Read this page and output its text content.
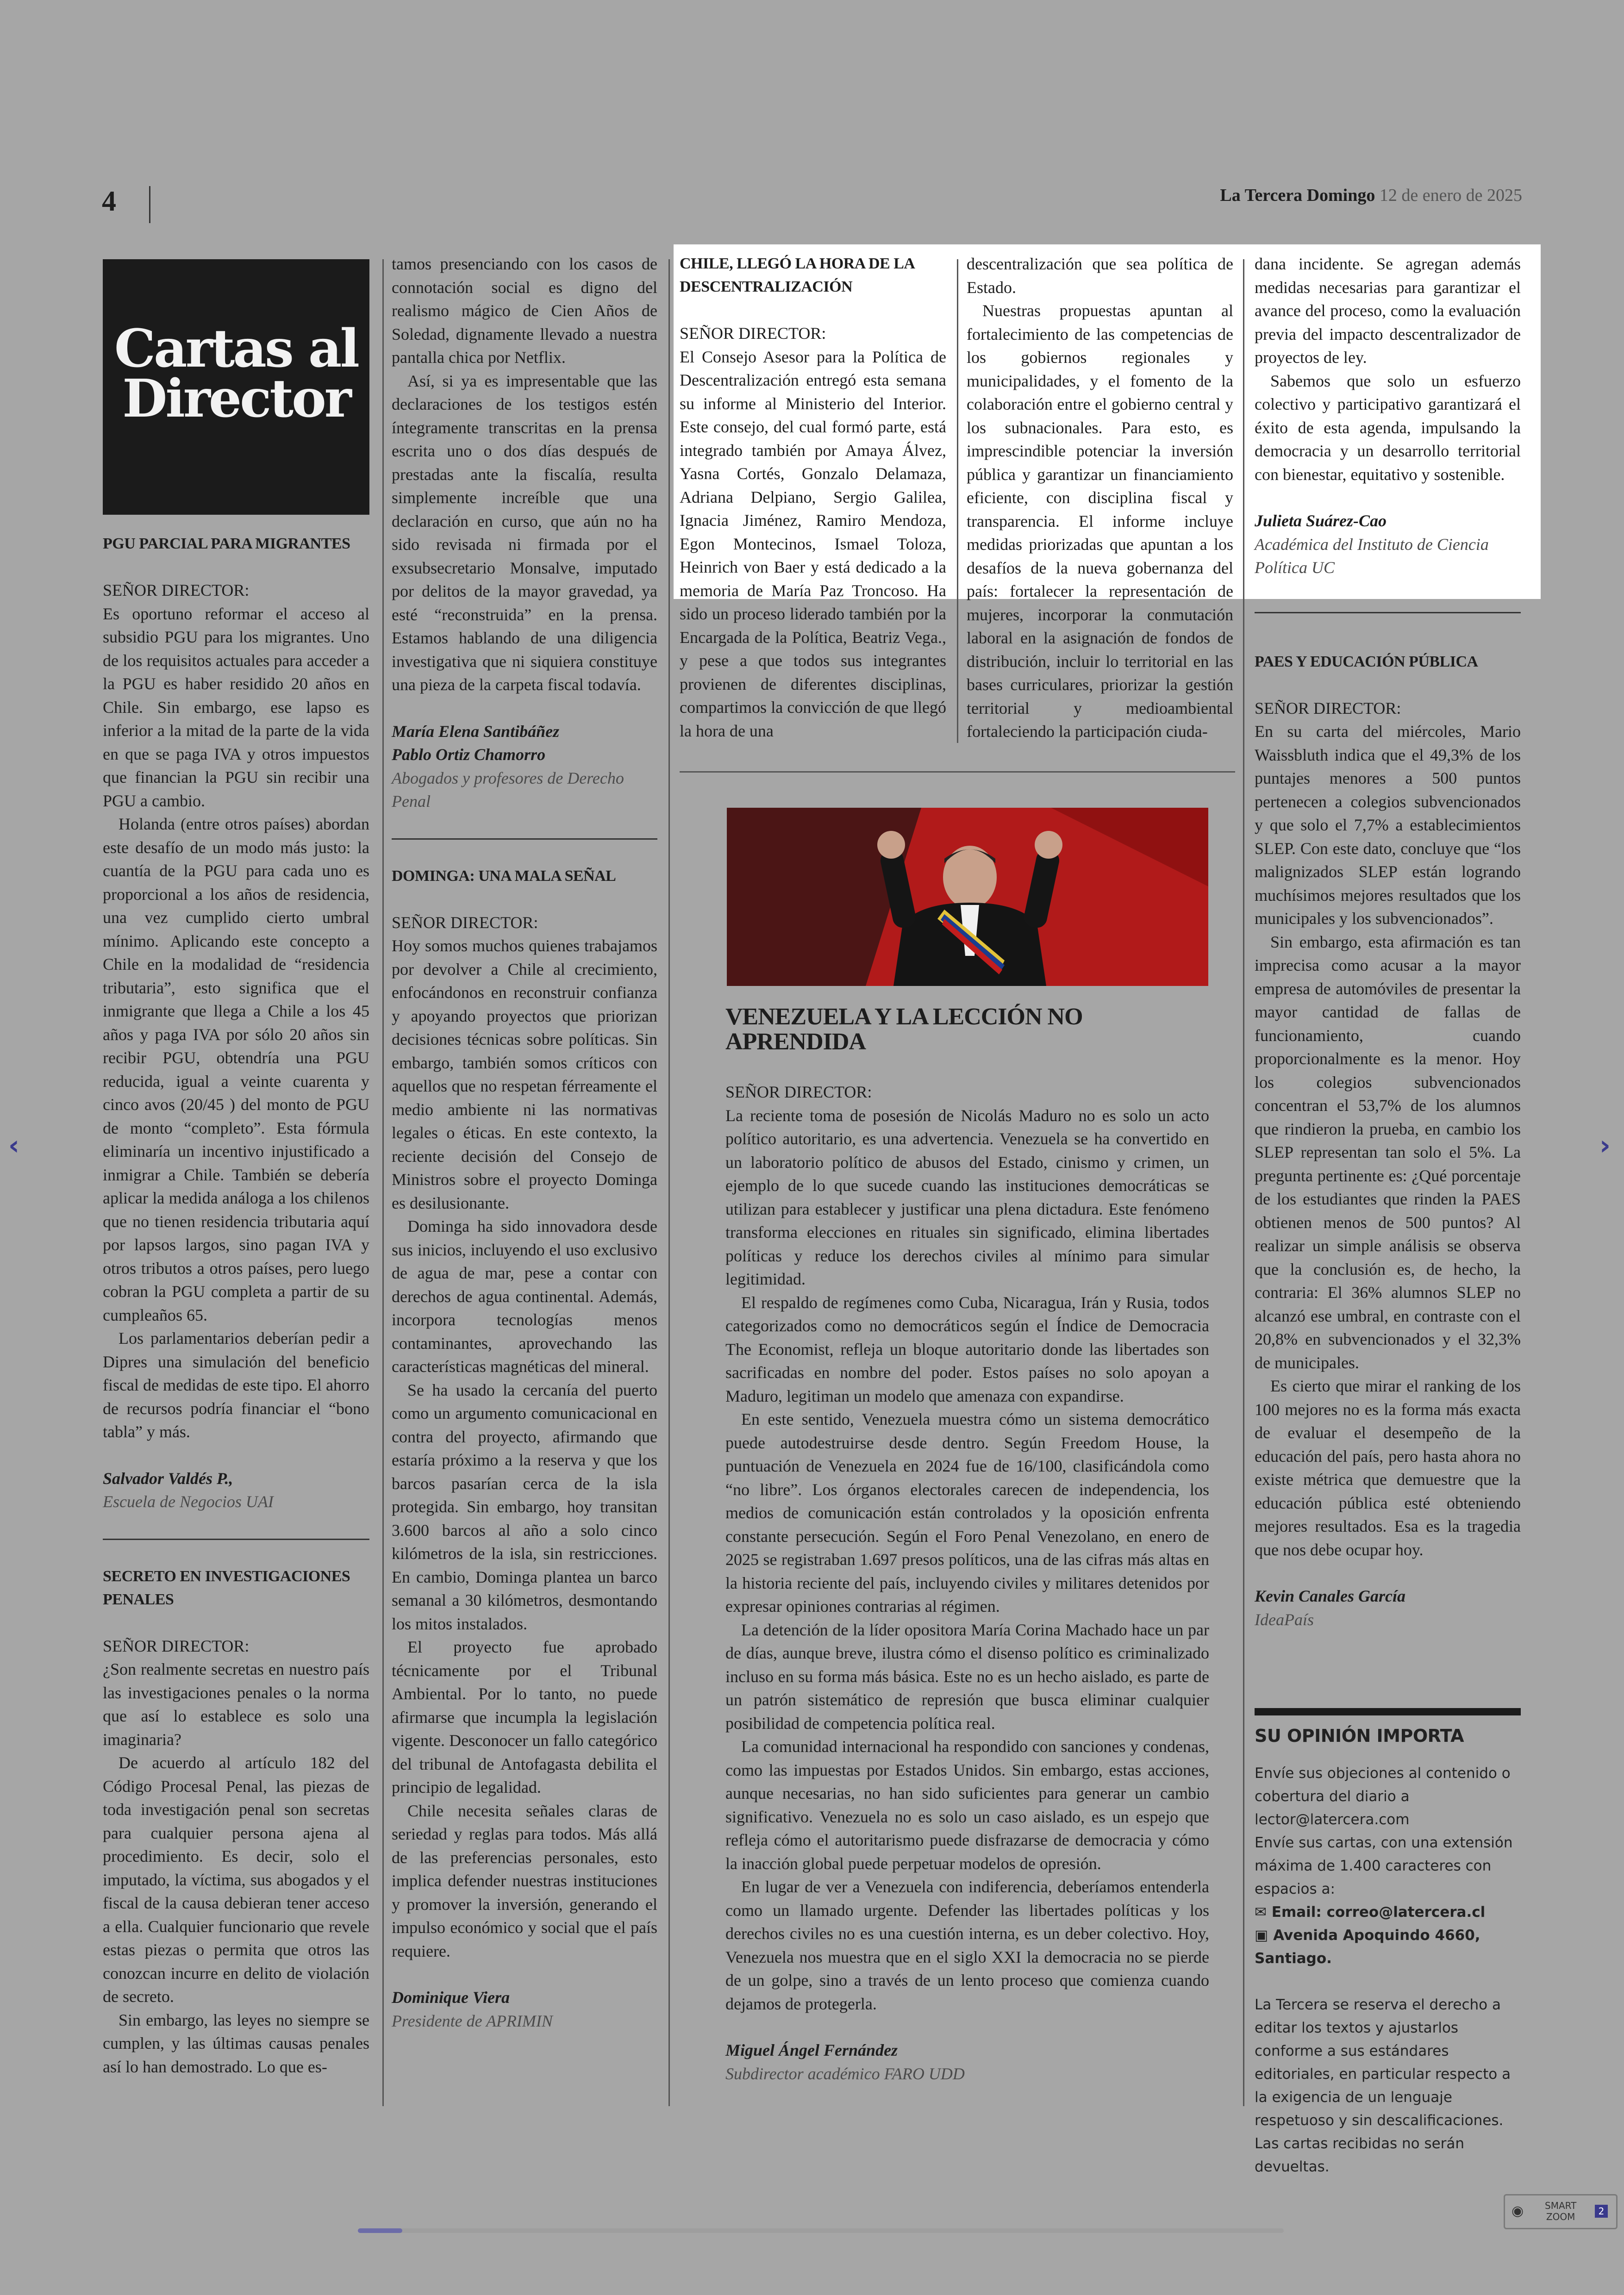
4	La Tercera Domingo 12 de enero de 2025
Cartas al
Director
PGU PARCIAL PARA MIGRANTES

SEÑOR DIRECTOR:

Es oportuno reformar el acceso al subsidio PGU para los migrantes. Uno de los requisitos actuales para acceder a la PGU es haber residido 20 años en Chile. Sin embargo, ese lapso es inferior a la mitad de la parte de la vida en que se paga IVA y otros impuestos que financian la PGU sin recibir una PGU a cambio.

Holanda (entre otros países) abordan este desafío de un modo más justo: la cuantía de la PGU para cada uno es proporcional a los años de residencia, una vez cumplido cierto umbral mínimo. Aplicando este concepto a Chile en la modalidad de “residencia tributaria”, esto significa que el inmigrante que llega a Chile a los 45 años y paga IVA por sólo 20 años sin recibir PGU, obtendría una PGU reducida, igual a veinte cuarenta y cinco avos (20/45 ) del monto de PGU de monto “completo”. Esta fórmula eliminaría un incentivo injustificado a inmigrar a Chile. También se debería aplicar la medida análoga a los chilenos que no tienen residencia tributaria aquí por lapsos largos, sino pagan IVA y otros tributos a otros países, pero luego cobran la PGU completa a partir de su cumpleaños 65.

Los parlamentarios deberían pedir a Dipres una simulación del beneficio fiscal de medidas de este tipo. El ahorro de recursos podría financiar el “bono tabla” y más.

Salvador Valdés P.,

Escuela de Negocios UAI

SECRETO EN INVESTIGACIONES PENALES

SEÑOR DIRECTOR:

¿Son realmente secretas en nuestro país las investigaciones penales o la norma que así lo establece es solo una imaginaria?

De acuerdo al artículo 182 del Código Procesal Penal, las piezas de toda investigación penal son secretas para cualquier persona ajena al procedimiento. Es decir, solo el imputado, la víctima, sus abogados y el fiscal de la causa debieran tener acceso a ella. Cualquier funcionario que revele estas piezas o permita que otros las conozcan incurre en delito de violación de secreto.

Sin embargo, las leyes no siempre se cumplen, y las últimas causas penales así lo han demostrado. Lo que es-

tamos presenciando con los casos de connotación social es digno del realismo mágico de Cien Años de Soledad, dignamente llevado a nuestra pantalla chica por Netflix.

Así, si ya es impresentable que las declaraciones de los testigos estén íntegramente transcritas en la prensa escrita uno o dos días después de prestadas ante la fiscalía, resulta simplemente increíble que una declaración en curso, que aún no ha sido revisada ni firmada por el exsubsecretario Monsalve, imputado por delitos de la mayor gravedad, ya esté “reconstruida” en la prensa. Estamos hablando de una diligencia investigativa que ni siquiera constituye una pieza de la carpeta fiscal todavía.

María Elena Santibáñez

Pablo Ortiz Chamorro

Abogados y profesores de Derecho Penal

DOMINGA: UNA MALA SEÑAL

SEÑOR DIRECTOR:

Hoy somos muchos quienes trabajamos por devolver a Chile al crecimiento, enfocándonos en reconstruir confianza y apoyando proyectos que priorizan decisiones técnicas sobre políticas. Sin embargo, también somos críticos con aquellos que no respetan férreamente el medio ambiente ni las normativas legales o éticas. En este contexto, la reciente decisión del Consejo de Ministros sobre el proyecto Dominga es desilusionante.

Dominga ha sido innovadora desde sus inicios, incluyendo el uso exclusivo de agua de mar, pese a contar con derechos de agua continental. Además, incorpora tecnologías menos contaminantes, aprovechando las características magnéticas del mineral.

Se ha usado la cercanía del puerto como un argumento comunicacional en contra del proyecto, afirmando que estaría próximo a la reserva y que los barcos pasarían cerca de la isla protegida. Sin embargo, hoy transitan 3.600 barcos al año a solo cinco kilómetros de la isla, sin restricciones. En cambio, Dominga plantea un barco semanal a 30 kilómetros, desmontando los mitos instalados.

El proyecto fue aprobado técnicamente por el Tribunal Ambiental. Por lo tanto, no puede afirmarse que incumpla la legislación vigente. Desconocer un fallo categórico del tribunal de Antofagasta debilita el principio de legalidad.

Chile necesita señales claras de seriedad y reglas para todos. Más allá de las preferencias personales, esto implica defender nuestras instituciones y promover la inversión, generando el impulso económico y social que el país requiere.

Dominique Viera

Presidente de APRIMIN

CHILE, LLEGÓ LA HORA DE LA DESCENTRALIZACIÓN

SEÑOR DIRECTOR:

El Consejo Asesor para la Política de Descentralización entregó esta semana su informe al Ministerio del Interior. Este consejo, del cual formó parte, está integrado también por Amaya Álvez, Yasna Cortés, Gonzalo Delamaza, Adriana Delpiano, Sergio Galilea, Ignacia Jiménez, Ramiro Mendoza, Egon Montecinos, Ismael Toloza, Heinrich von Baer y está dedicado a la memoria de María Paz Troncoso. Ha sido un proceso liderado también por la Encargada de la Política, Beatriz Vega., y pese a que todos sus integrantes provienen de diferentes disciplinas, compartimos la convicción de que llegó la hora de una

descentralización que sea política de Estado.

Nuestras propuestas apuntan al fortalecimiento de las competencias de los gobiernos regionales y municipalidades, y el fomento de la colaboración entre el gobierno central y los subnacionales. Para esto, es imprescindible potenciar la inversión pública y garantizar un financiamiento eficiente, con disciplina fiscal y transparencia. El informe incluye medidas priorizadas que apuntan a los desafíos de la nueva gobernanza del país: fortalecer la representación de mujeres, incorporar la conmutación laboral en la asignación de fondos de distribución, incluir lo territorial en las bases curriculares, priorizar la gestión territorial y medioambiental fortaleciendo la participación ciuda-

dana incidente. Se agregan además medidas necesarias para garantizar el avance del proceso, como la evaluación previa del impacto descentralizador de proyectos de ley.

Sabemos que solo un esfuerzo colectivo y participativo garantizará el éxito de esta agenda, impulsando la democracia y un desarrollo territorial con bienestar, equitativo y sostenible.

Julieta Suárez-Cao

Académica del Instituto de Ciencia Política UC

PAES Y EDUCACIÓN PÚBLICA

SEÑOR DIRECTOR:

En su carta del miércoles, Mario Waissbluth indica que el 49,3% de los puntajes menores a 500 puntos pertenecen a colegios subvencionados y que solo el 7,7% a establecimientos SLEP. Con este dato, concluye que “los malignizados SLEP están logrando muchísimos mejores resultados que los municipales y los subvencionados”.

Sin embargo, esta afirmación es tan imprecisa como acusar a la mayor empresa de automóviles de presentar la mayor cantidad de fallas de funcionamiento, cuando proporcionalmente es la menor. Hoy los colegios subvencionados concentran el 53,7% de los alumnos que rindieron la prueba, en cambio los SLEP representan tan solo el 5%. La pregunta pertinente es: ¿Qué porcentaje de los estudiantes que rinden la PAES obtienen menos de 500 puntos? Al realizar un simple análisis se observa que la conclusión es, de hecho, la contraria: El 36% alumnos SLEP no alcanzó ese umbral, en contraste con el 20,8% en subvencionados y el 32,3% de municipales.

Es cierto que mirar el ranking de los 100 mejores no es la forma más exacta de evaluar el desempeño de la educación del país, pero hasta ahora no existe métrica que demuestre que la educación pública esté obteniendo mejores resultados. Esa es la tragedia que nos debe ocupar hoy.

Kevin Canales García

IdeaPaís

VENEZUELA Y LA LECCIÓN NO APRENDIDA

SEÑOR DIRECTOR:

La reciente toma de posesión de Nicolás Maduro no es solo un acto político autoritario, es una advertencia. Venezuela se ha convertido en un laboratorio político de abusos del Estado, cinismo y crimen, un ejemplo de lo que sucede cuando las instituciones democráticas se utilizan para establecer y justificar una plena dictadura. Este fenómeno transforma elecciones en rituales sin significado, elimina libertades políticas y reduce los derechos civiles al mínimo para simular legitimidad.

El respaldo de regímenes como Cuba, Nicaragua, Irán y Rusia, todos categorizados como no democráticos según el Índice de Democracia The Economist, refleja un bloque autoritario donde las libertades son sacrificadas en nombre del poder. Estos países no solo apoyan a Maduro, legitiman un modelo que amenaza con expandirse.

En este sentido, Venezuela muestra cómo un sistema democrático puede autodestruirse desde dentro. Según Freedom House, la puntuación de Venezuela en 2024 fue de 16/100, clasificándola como “no libre”. Los órganos electorales carecen de independencia, los medios de comunicación están controlados y la oposición enfrenta constante persecución. Según el Foro Penal Venezolano, en enero de 2025 se registraban 1.697 presos políticos, una de las cifras más altas en la historia reciente del país, incluyendo civiles y militares detenidos por expresar opiniones contrarias al régimen.

La detención de la líder opositora María Corina Machado hace un par de días, aunque breve, ilustra cómo el disenso político es criminalizado incluso en su forma más básica. Este no es un hecho aislado, es parte de un patrón sistemático de represión que busca eliminar cualquier posibilidad de competencia política real.

La comunidad internacional ha respondido con sanciones y condenas, como las impuestas por Estados Unidos. Sin embargo, estas acciones, aunque necesarias, no han sido suficientes para generar un cambio significativo. Venezuela no es solo un caso aislado, es un espejo que refleja cómo el autoritarismo puede disfrazarse de democracia y cómo la inacción global puede perpetuar modelos de opresión.

En lugar de ver a Venezuela con indiferencia, deberíamos entenderla como un llamado urgente. Defender las libertades políticas y los derechos civiles no es una cuestión interna, es un deber colectivo. Hoy, Venezuela nos muestra que en el siglo XXI la democracia no se pierde de un golpe, sino a través de un lento proceso que comienza cuando dejamos de protegerla.

Miguel Ángel Fernández

Subdirector académico FARO UDD

SU OPINIÓN IMPORTA

Envíe sus objeciones al contenido o cobertura del diario a lector@latercera.com

Envíe sus cartas, con una extensión máxima de 1.400 caracteres con espacios a:

✉ Email: correo@latercera.cl

▣ Avenida Apoquindo 4660, Santiago.

La Tercera se reserva el derecho a editar los textos y ajustarlos conforme a sus estándares editoriales, en particular respecto a la exigencia de un lenguaje respetuoso y sin descalificaciones. Las cartas recibidas no serán devueltas.

‹	›
◉ SMART
ZOOM	2
